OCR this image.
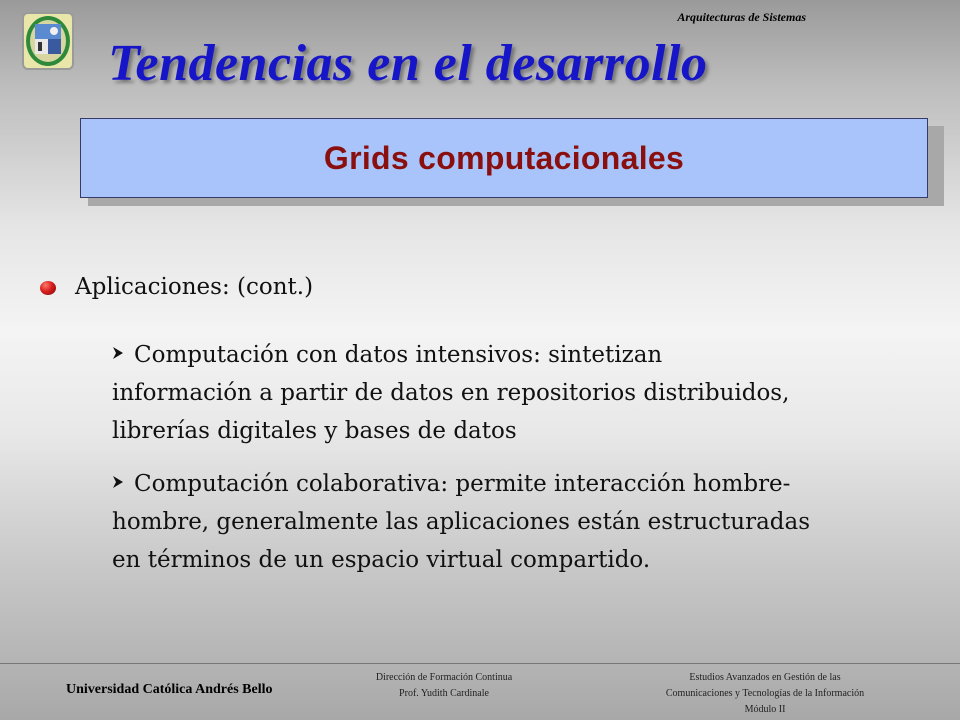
Arquitecturas de Sistemas
Tendencias en el desarrollo
Grids computacionales
Aplicaciones: (cont.)
Computación con datos intensivos: sintetizan
información a partir de datos en repositorios distribuidos,
librerías digitales y bases de datos
Computación colaborativa: permite interacción hombre-
hombre, generalmente las aplicaciones están estructuradas
en términos de un espacio virtual compartido.
Universidad Católica Andrés Bello
Dirección de Formación Continua
Prof. Yudith Cardinale
Estudios Avanzados en Gestión de las
Comunicaciones y Tecnologías de la Información
Módulo II
